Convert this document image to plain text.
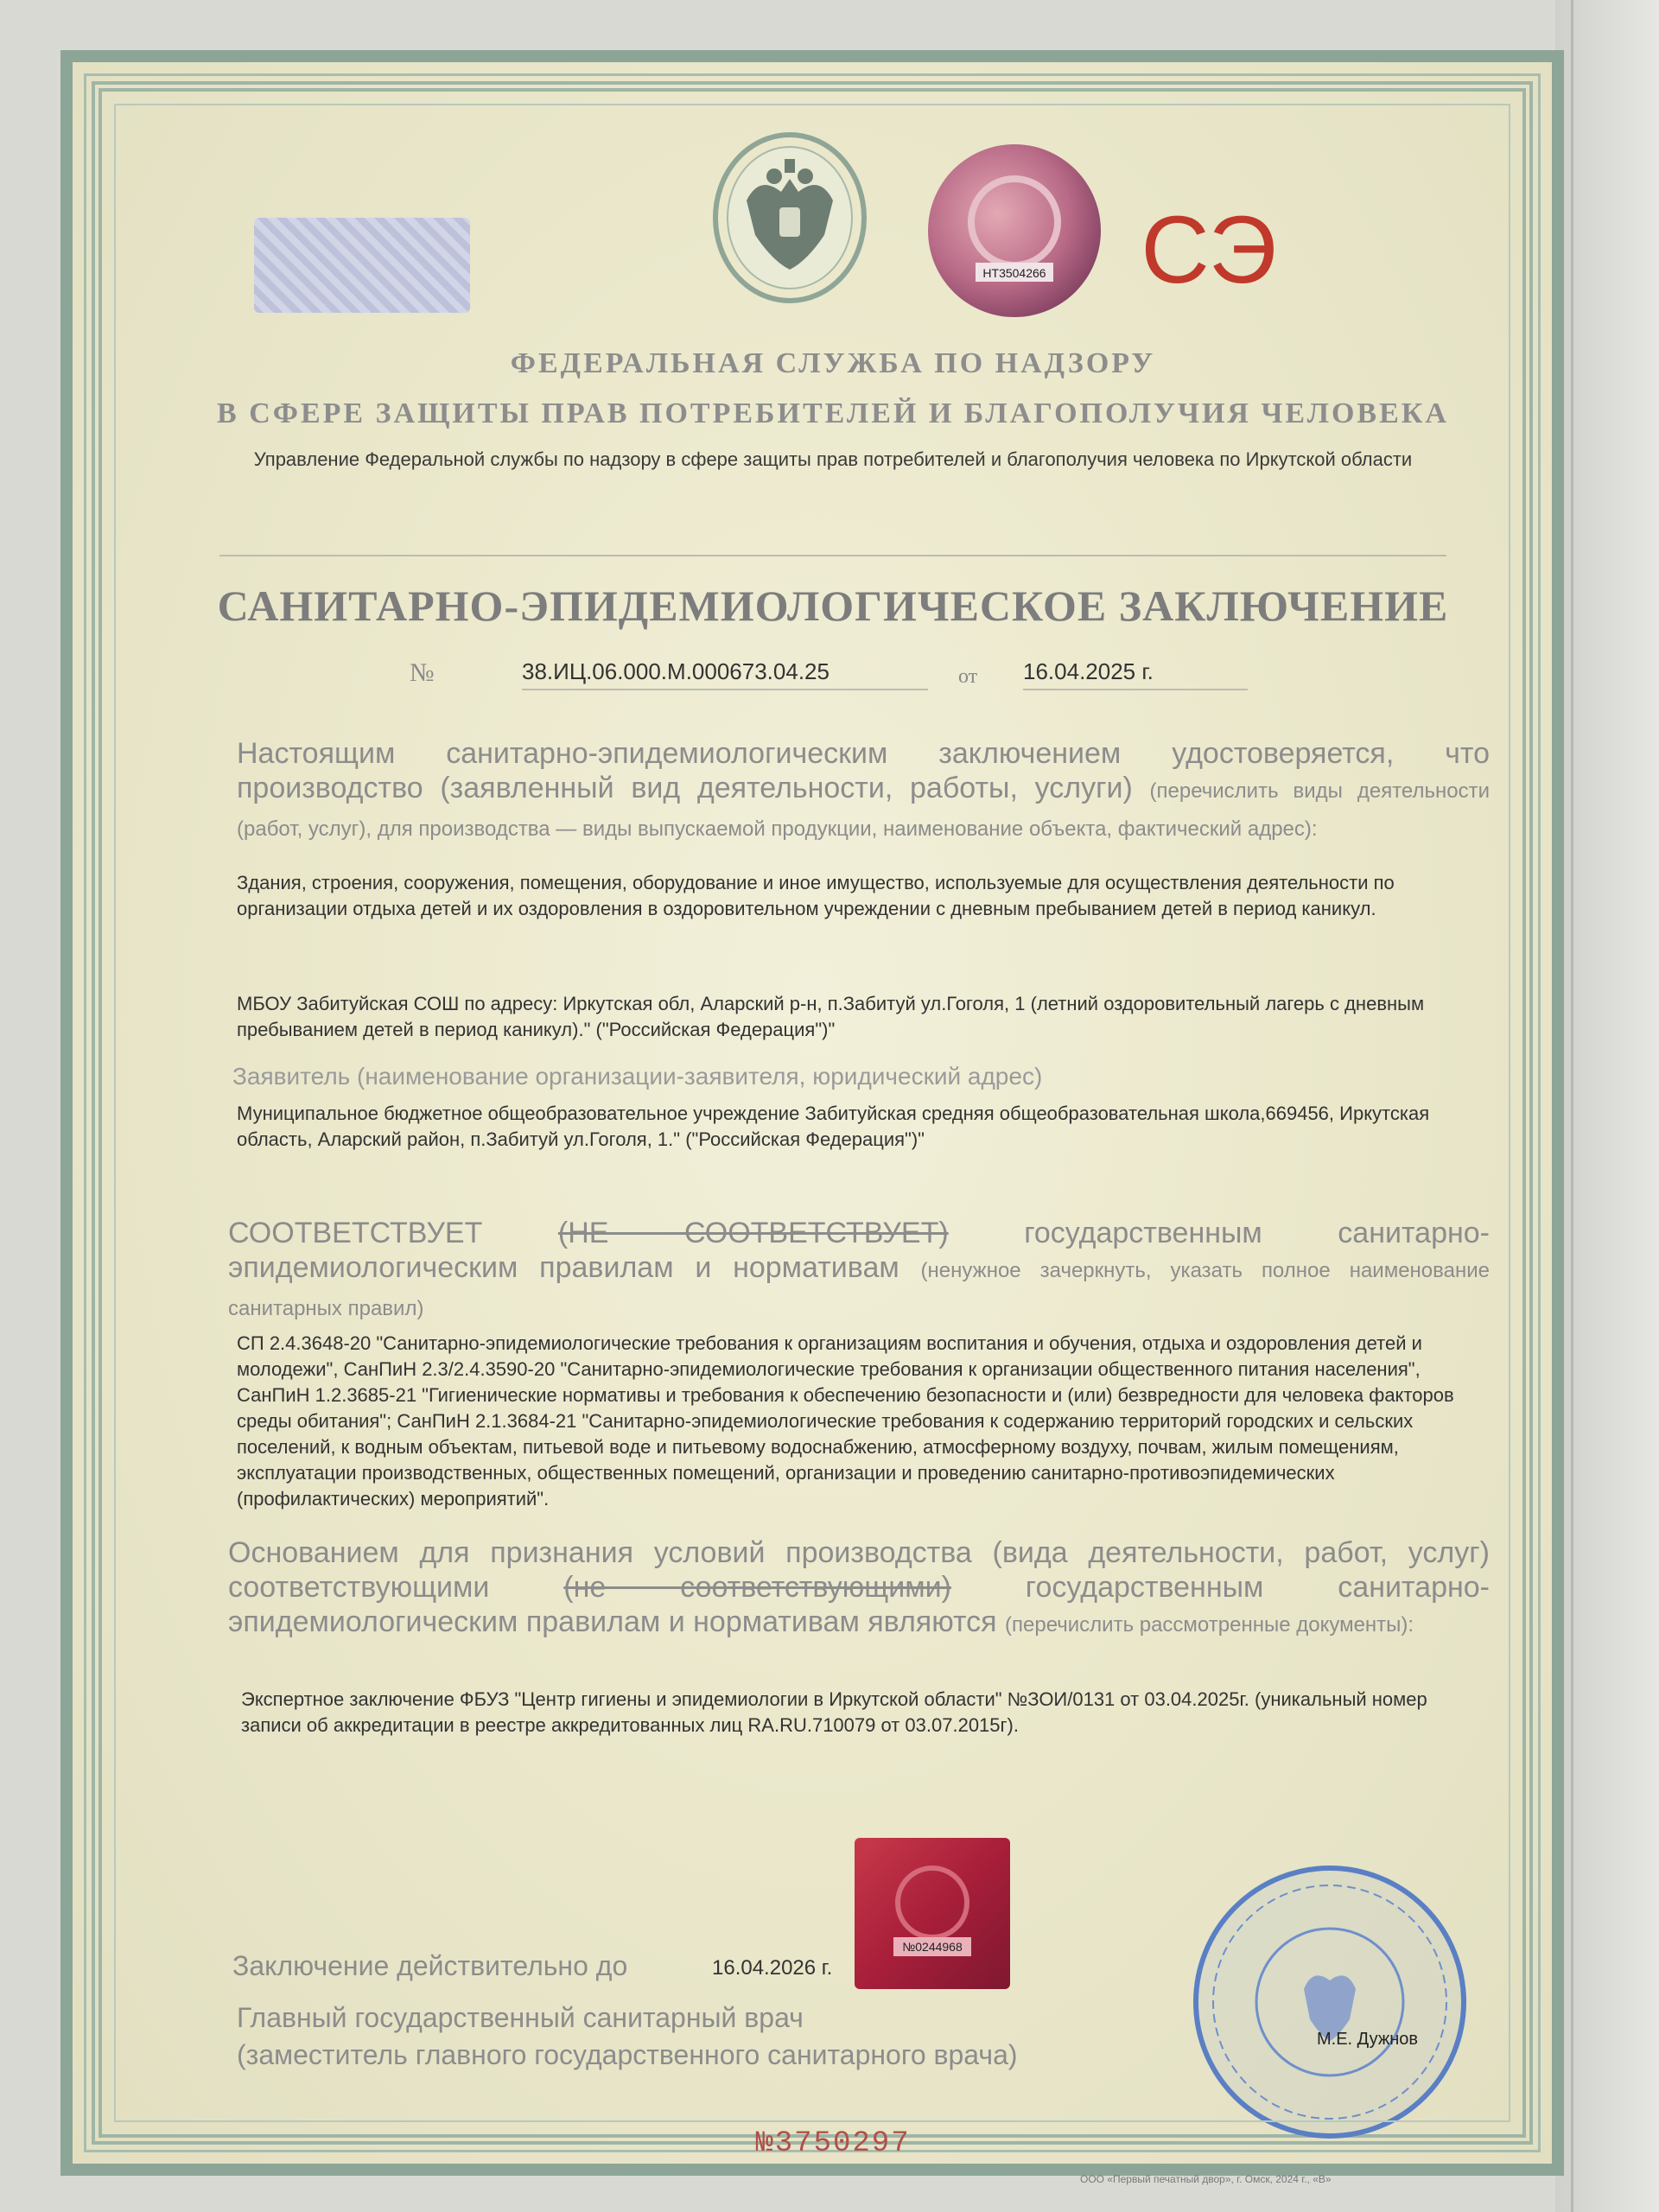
НТ3504266 СЭ
ФЕДЕРАЛЬНАЯ СЛУЖБА ПО НАДЗОРУ
В СФЕРЕ ЗАЩИТЫ ПРАВ ПОТРЕБИТЕЛЕЙ И БЛАГОПОЛУЧИЯ ЧЕЛОВЕКА
Управление Федеральной службы по надзору в сфере защиты прав потребителей и благополучия человека по Иркутской области
САНИТАРНО-ЭПИДЕМИОЛОГИЧЕСКОЕ ЗАКЛЮЧЕНИЕ
№	38.ИЦ.06.000.М.000673.04.25	от 16.04.2025 г.
Настоящим санитарно-эпидемиологическим заключением удостоверяется, что производство (заявленный вид деятельности, работы, услуги) (перечислить виды деятельности (работ, услуг), для производства — виды выпускаемой продукции, наименование объекта, фактический адрес):
Здания, строения, сооружения, помещения, оборудование и иное имущество, используемые для осуществления деятельности по организации отдыха детей и их оздоровления в оздоровительном учреждении с дневным пребыванием детей в период каникул.
МБОУ Забитуйская СОШ по адресу: Иркутская обл, Аларский р-н, п.Забитуй ул.Гоголя, 1 (летний оздоровительный лагерь с дневным пребыванием детей в период каникул)." ("Российская Федерация")"
Заявитель (наименование организации-заявителя, юридический адрес)
Муниципальное бюджетное общеобразовательное учреждение Забитуйская средняя общеобразовательная школа,669456, Иркутская область, Аларский район, п.Забитуй ул.Гоголя, 1." ("Российская Федерация")"
СООТВЕТСТВУЕТ	(НЕ СООТВЕТСТВУЕТ)	государственным санитарно-эпидемиологическим правилам и нормативам (ненужное зачеркнуть, указать полное наименование санитарных правил)
СП 2.4.3648-20 "Санитарно-эпидемиологические требования к организациям воспитания и обучения, отдыха и оздоровления детей и молодежи", СанПиН 2.3/2.4.3590-20 "Санитарно-эпидемиологические требования к организации общественного питания населения", СанПиН 1.2.3685-21 "Гигиенические нормативы и требования к обеспечению безопасности и (или) безвредности для человека факторов среды обитания"; СанПиН 2.1.3684-21 "Санитарно-эпидемиологические требования к содержанию территорий городских и сельских поселений, к водным объектам, питьевой воде и питьевому водоснабжению, атмосферному воздуху, почвам, жилым помещениям, эксплуатации производственных, общественных помещений, организации и проведению санитарно-противоэпидемических (профилактических) мероприятий".
Основанием для признания условий производства (вида деятельности, работ, услуг) соответствующими	(не соответствующими)	государственным санитарно-эпидемиологическим правилам и нормативам являются (перечислить рассмотренные документы):
Экспертное заключение ФБУЗ "Центр гигиены и эпидемиологии в Иркутской области" №ЗОИ/0131 от 03.04.2025г. (уникальный номер записи об аккредитации в реестре аккредитованных лиц RA.RU.710079 от 03.07.2015г).
№0244968
Заключение действительно до	16.04.2026 г.
Главный государственный санитарный врач
(заместитель главного государственного санитарного врача)	М.Е. Дужнов
№3750297
ООО «Первый печатный двор», г. Омск, 2024 г., «В»
